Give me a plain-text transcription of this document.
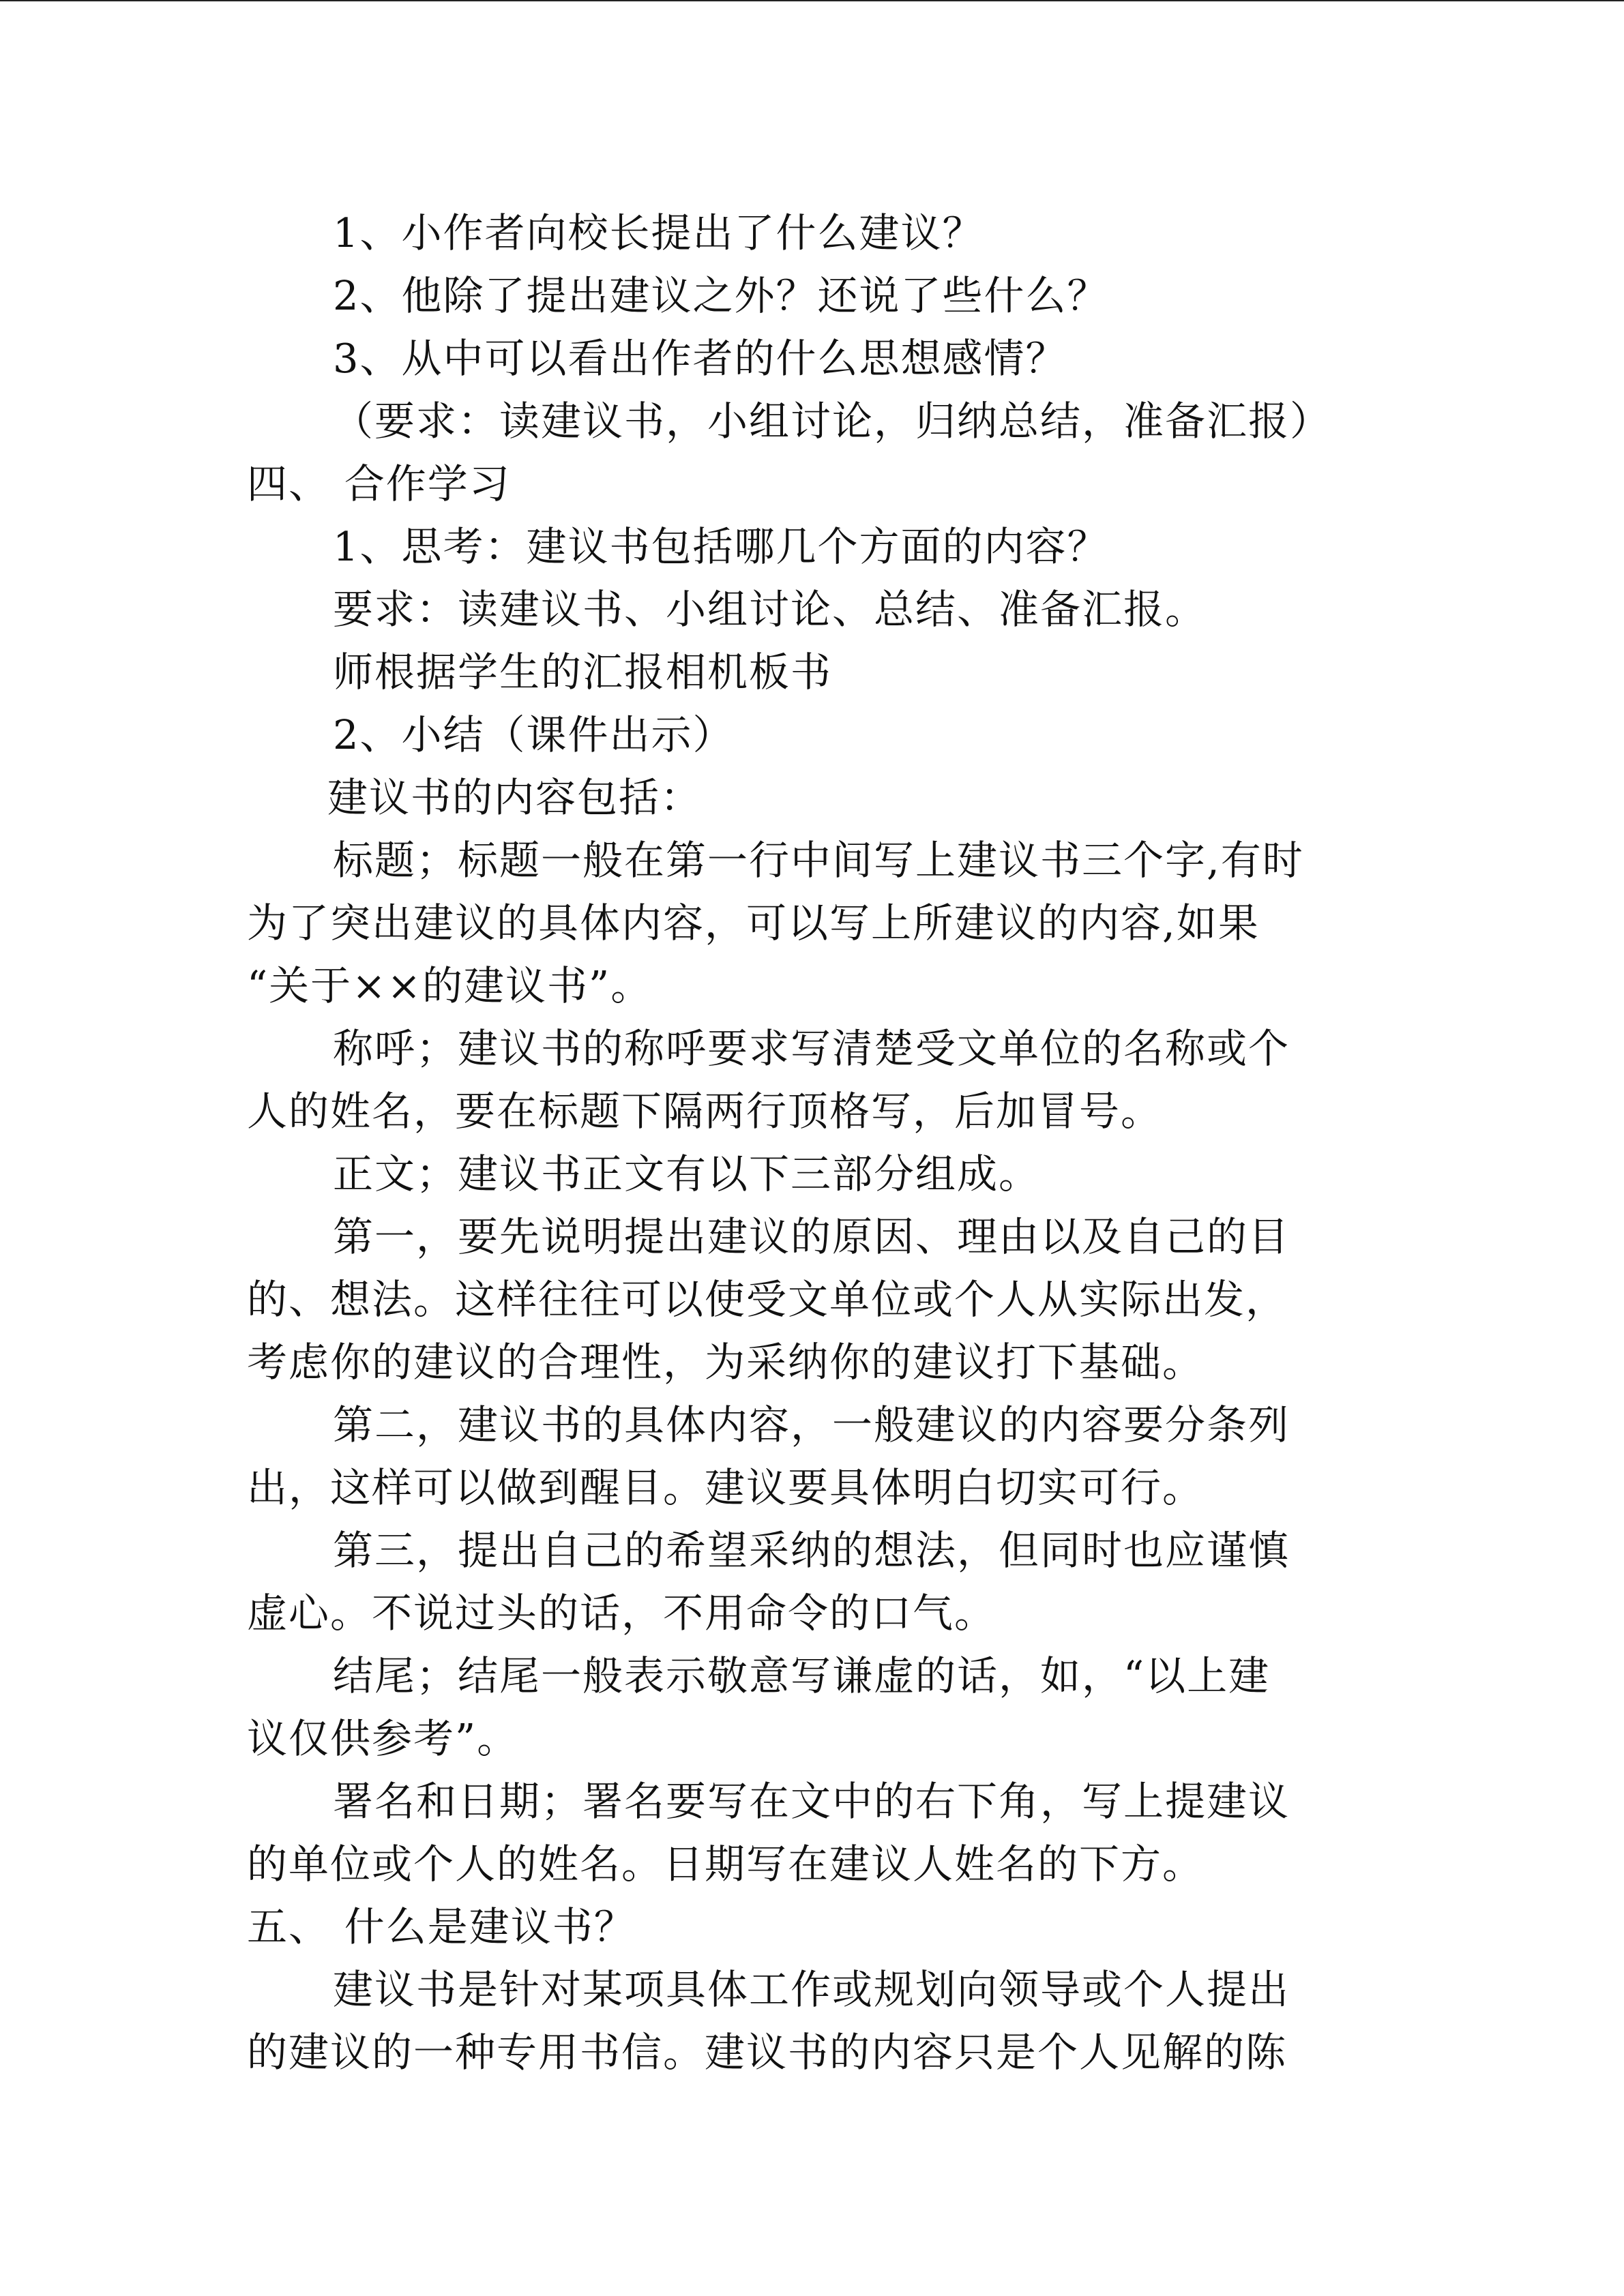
1、小作者向校长提出了什么建议？
2、他除了提出建议之外？还说了些什么？
3、从中可以看出作者的什么思想感情？
（要求：读建议书，小组讨论，归纳总结，准备汇报）
四、 合作学习
1、思考：建议书包括哪几个方面的内容？
要求：读建议书、小组讨论、总结、准备汇报。
师根据学生的汇报相机板书
2、小结（课件出示）
建议书的内容包括：
标题；标题一般在第一行中间写上建议书三个字,有时
为了突出建议的具体内容，可以写上所建议的内容,如果
“关于××的建议书”。
称呼；建议书的称呼要求写清楚受文单位的名称或个
人的姓名，要在标题下隔两行顶格写，后加冒号。
正文；建议书正文有以下三部分组成。
第一，要先说明提出建议的原因、理由以及自己的目
的、想法。这样往往可以使受文单位或个人从实际出发，
考虑你的建议的合理性，为采纳你的建议打下基础。
第二，建议书的具体内容，一般建议的内容要分条列
出，这样可以做到醒目。建议要具体明白切实可行。
第三，提出自己的希望采纳的想法，但同时也应谨慎
虚心。不说过头的话，不用命令的口气。
结尾；结尾一般表示敬意写谦虚的话，如，“以上建
议仅供参考”。
署名和日期；署名要写在文中的右下角，写上提建议
的单位或个人的姓名。日期写在建议人姓名的下方。
五、 什么是建议书？
建议书是针对某项具体工作或规划向领导或个人提出
的建议的一种专用书信。建议书的内容只是个人见解的陈
